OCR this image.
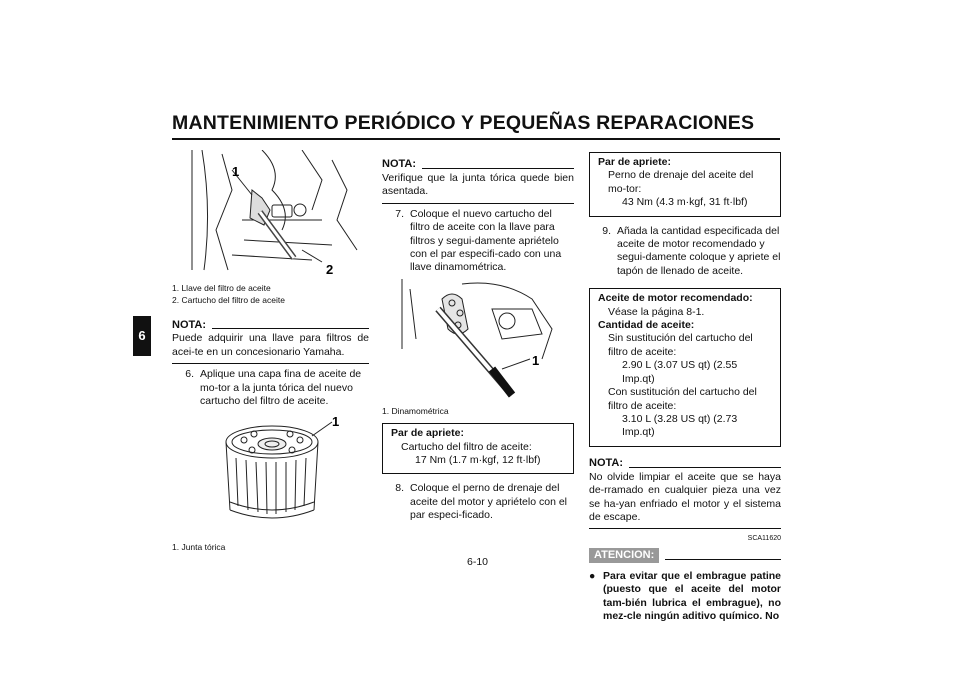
MANTENIMIENTO PERIÓDICO Y PEQUEÑAS REPARACIONES
6
1
2
1. Llave del filtro de aceite
2. Cartucho del filtro de aceite
NOTA:
Puede adquirir una llave para filtros de acei-te en un concesionario Yamaha.
6. Aplique una capa fina de aceite de mo-tor a la junta tórica del nuevo cartucho del filtro de aceite.
1
1. Junta tórica
NOTA:
Verifique que la junta tórica quede bien asentada.
7. Coloque el nuevo cartucho del filtro de aceite con la llave para filtros y segui-damente apriételo con el par especifi-cado con una llave dinamométrica.
1
1. Dinamométrica
Par de apriete:
Cartucho del filtro de aceite:
17 Nm (1.7 m·kgf, 12 ft·lbf)
8. Coloque el perno de drenaje del aceite del motor y apriételo con el par especi-ficado.
Par de apriete:
Perno de drenaje del aceite del mo-tor:
43 Nm (4.3 m·kgf, 31 ft·lbf)
9. Añada la cantidad especificada del aceite de motor recomendado y segui-damente coloque y apriete el tapón de llenado de aceite.
Aceite de motor recomendado:
Véase la página 8-1.
Cantidad de aceite:
Sin sustitución del cartucho del filtro de aceite:
2.90 L (3.07 US qt) (2.55 Imp.qt)
Con sustitución del cartucho del filtro de aceite:
3.10 L (3.28 US qt) (2.73 Imp.qt)
NOTA:
No olvide limpiar el aceite que se haya de-rramado en cualquier pieza una vez se ha-yan enfriado el motor y el sistema de escape.
SCA11620
ATENCION:
● Para evitar que el embrague patine (puesto que el aceite del motor tam-bién lubrica el embrague), no mez-cle ningún aditivo químico. No
6-10
